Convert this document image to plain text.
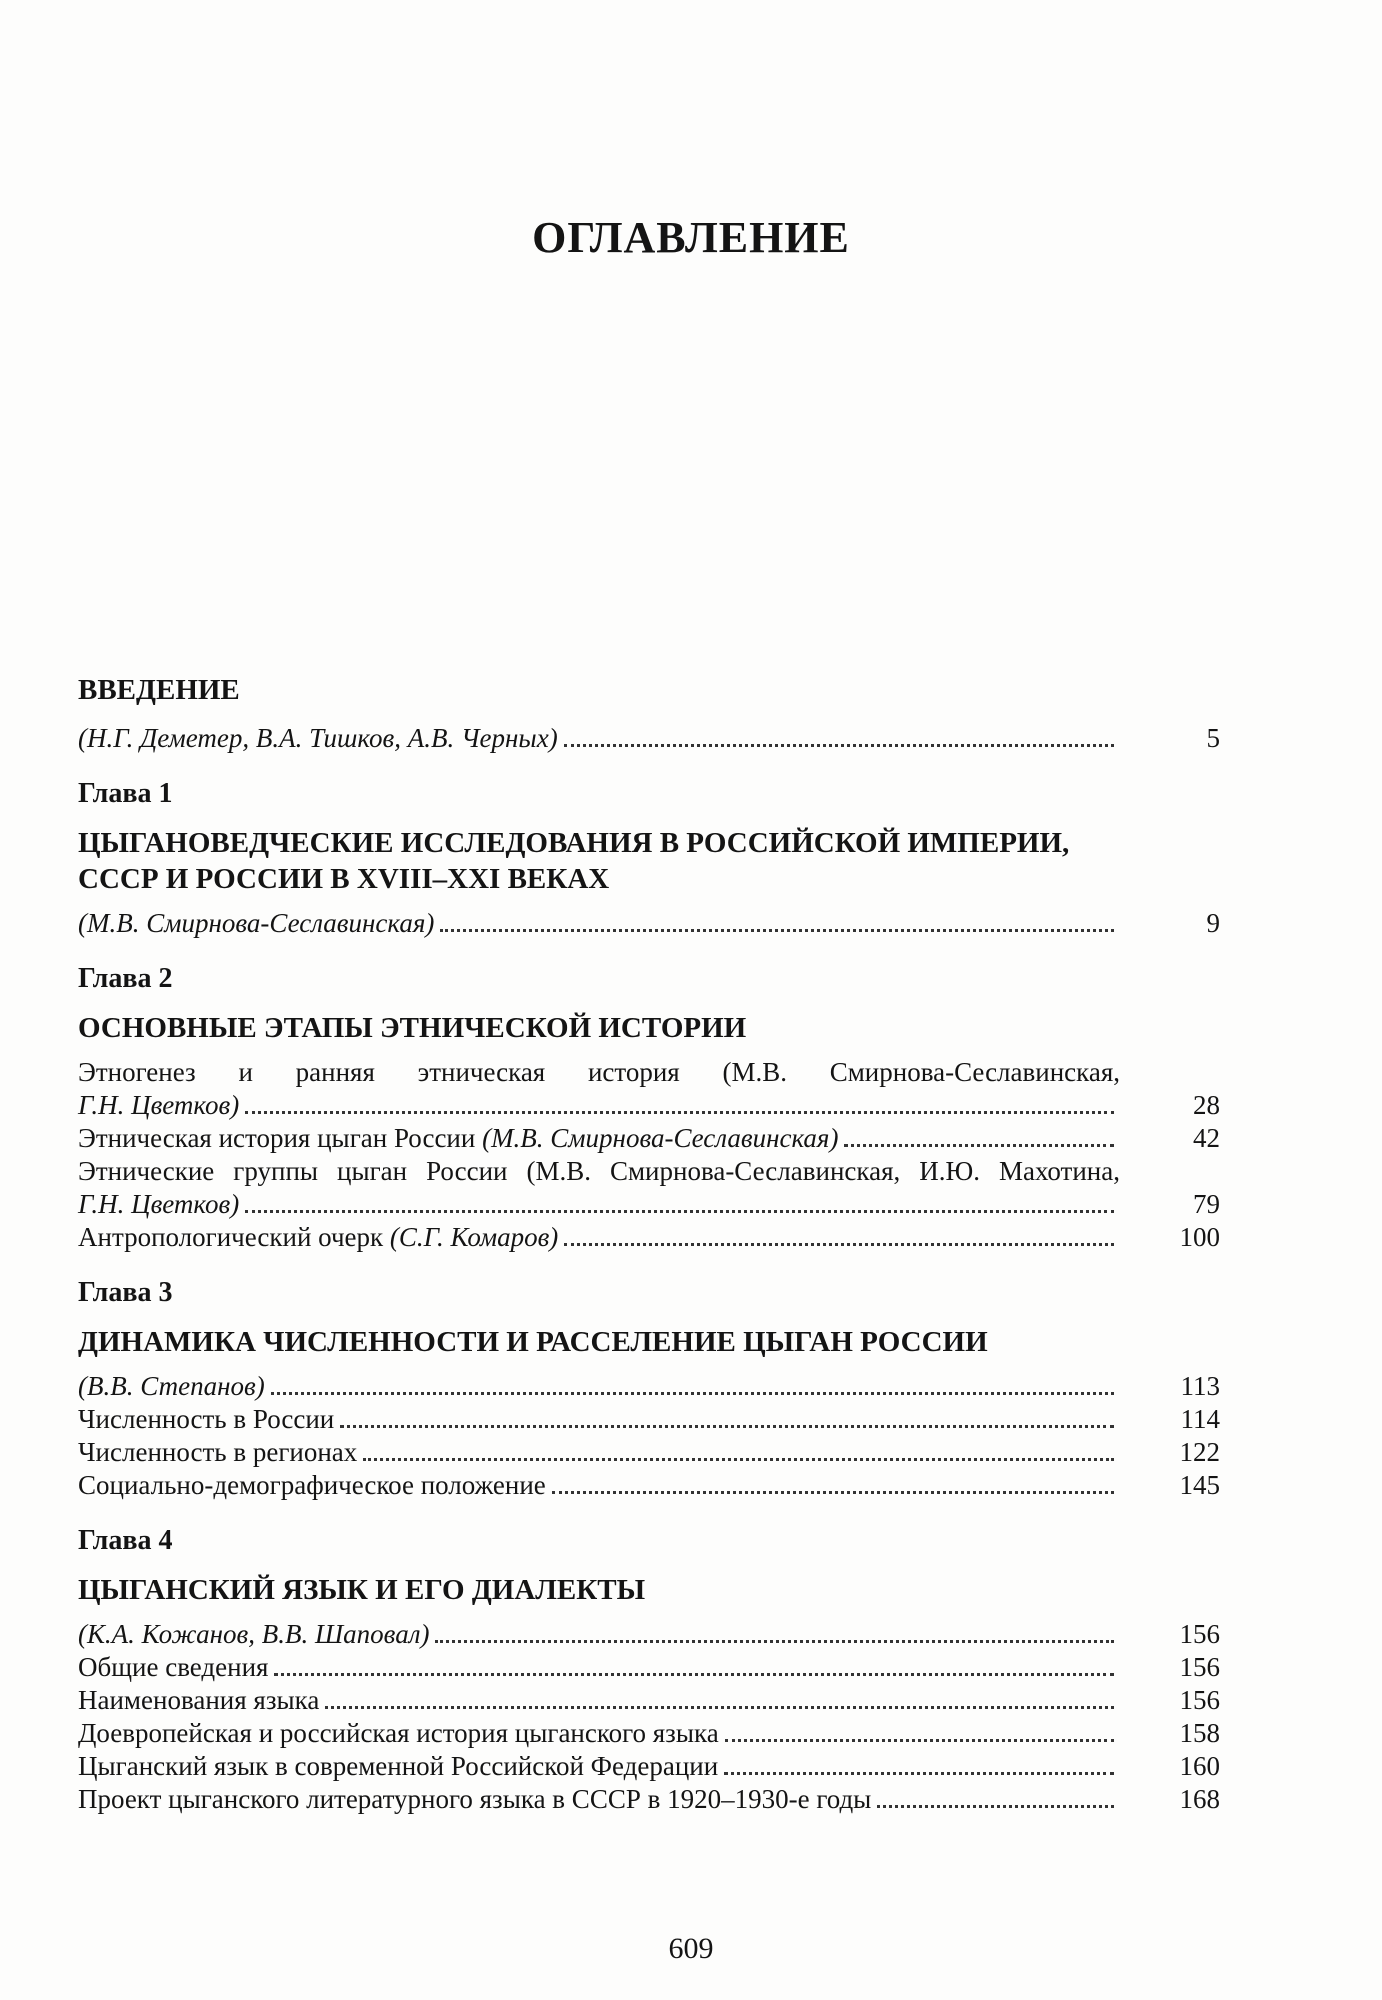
ОГЛАВЛЕНИЕ
ВВЕДЕНИЕ
(Н.Г. Деметер, В.А. Тишков, А.В. Черных)	5
Глава 1
ЦЫГАНОВЕДЧЕСКИЕ ИССЛЕДОВАНИЯ В РОССИЙСКОЙ ИМПЕРИИ,
СССР И РОССИИ В XVIII–XXI ВЕКАХ
(М.В. Смирнова-Сеславинская)	9
Глава 2
ОСНОВНЫЕ ЭТАПЫ ЭТНИЧЕСКОЙ ИСТОРИИ
Этногенез и ранняя этническая история (М.В. Смирнова-Сеславинская,
Г.Н. Цветков)	28
Этническая история цыган России (М.В. Смирнова-Сеславинская)	42
Этнические группы цыган России (М.В. Смирнова-Сеславинская, И.Ю. Махотина,
Г.Н. Цветков)	79
Антропологический очерк (С.Г. Комаров)	100
Глава 3
ДИНАМИКА ЧИСЛЕННОСТИ И РАССЕЛЕНИЕ ЦЫГАН РОССИИ
(В.В. Степанов)	113
Численность в России	114
Численность в регионах	122
Социально-демографическое положение	145
Глава 4
ЦЫГАНСКИЙ ЯЗЫК И ЕГО ДИАЛЕКТЫ
(К.А. Кожанов, В.В. Шаповал)	156
Общие сведения	156
Наименования языка	156
Доевропейская и российская история цыганского языка	158
Цыганский язык в современной Российской Федерации	160
Проект цыганского литературного языка в СССР в 1920–1930-е годы	168
609
